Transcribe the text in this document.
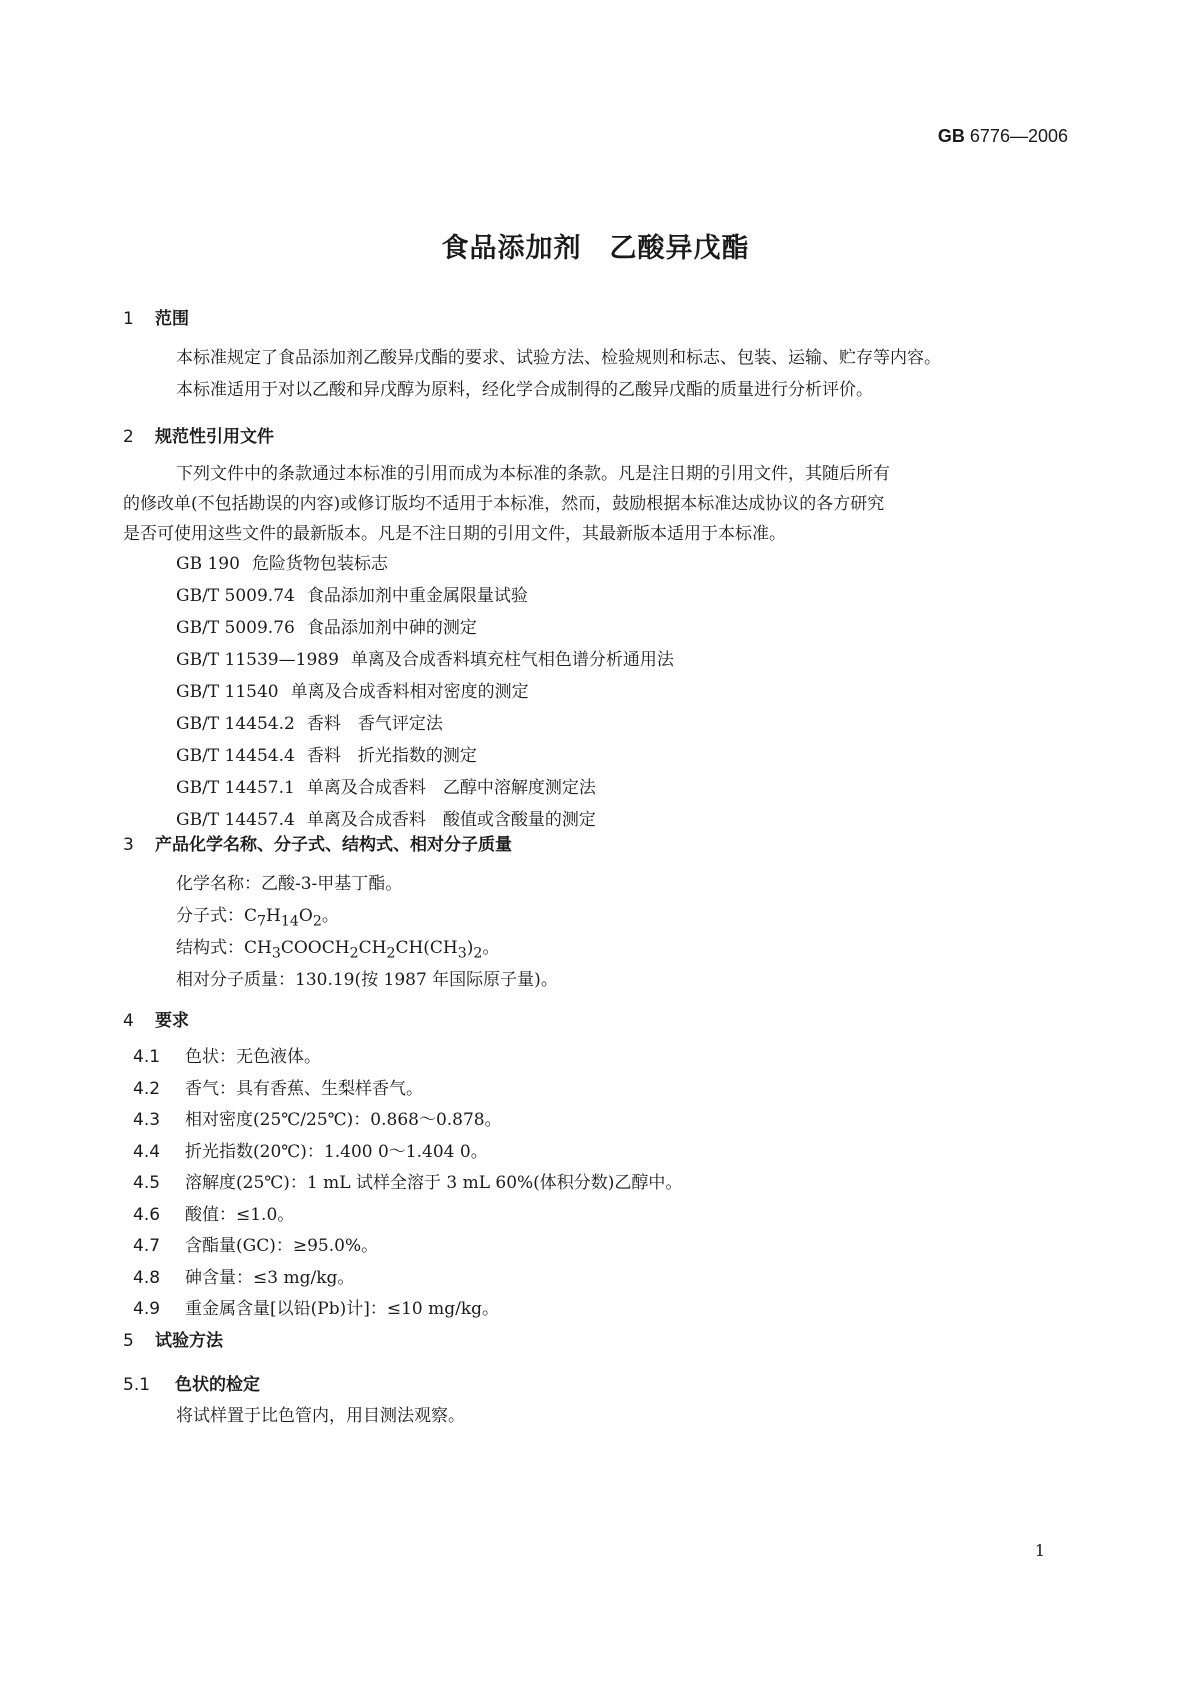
GB 6776—2006
食品添加剂　乙酸异戊酯
1 范围
本标准规定了食品添加剂乙酸异戊酯的要求、试验方法、检验规则和标志、包装、运输、贮存等内容。
本标准适用于对以乙酸和异戊醇为原料，经化学合成制得的乙酸异戊酯的质量进行分析评价。
2 规范性引用文件
下列文件中的条款通过本标准的引用而成为本标准的条款。凡是注日期的引用文件，其随后所有
的修改单(不包括勘误的内容)或修订版均不适用于本标准，然而，鼓励根据本标准达成协议的各方研究
是否可使用这些文件的最新版本。凡是不注日期的引用文件，其最新版本适用于本标准。
GB 190 危险货物包装标志
GB/T 5009.74 食品添加剂中重金属限量试验
GB/T 5009.76 食品添加剂中砷的测定
GB/T 11539—1989 单离及合成香料填充柱气相色谱分析通用法
GB/T 11540 单离及合成香料相对密度的测定
GB/T 14454.2 香料　香气评定法
GB/T 14454.4 香料　折光指数的测定
GB/T 14457.1 单离及合成香料　乙醇中溶解度测定法
GB/T 14457.4 单离及合成香料　酸值或含酸量的测定
3 产品化学名称、分子式、结构式、相对分子质量
化学名称：乙酸-3-甲基丁酯。
分子式：$C_7H_{14}O_2$。
结构式：$CH_3COOCH_2CH_2CH(CH_3)_2$。
相对分子质量：130.19(按 1987 年国际原子量)。
4 要求
4.1 色状：无色液体。
4.2 香气：具有香蕉、生梨样香气。
4.3 相对密度(25℃/25℃)：0.868～0.878。
4.4 折光指数(20℃)：1.400 0～1.404 0。
4.5 溶解度(25℃)：1 mL 试样全溶于 3 mL 60%(体积分数)乙醇中。
4.6 酸值：≤1.0。
4.7 含酯量(GC)：≥95.0%。
4.8 砷含量：≤3 mg/kg。
4.9 重金属含量[以铅(Pb)计]：≤10 mg/kg。
5 试验方法
5.1 色状的检定
将试样置于比色管内，用目测法观察。
1
